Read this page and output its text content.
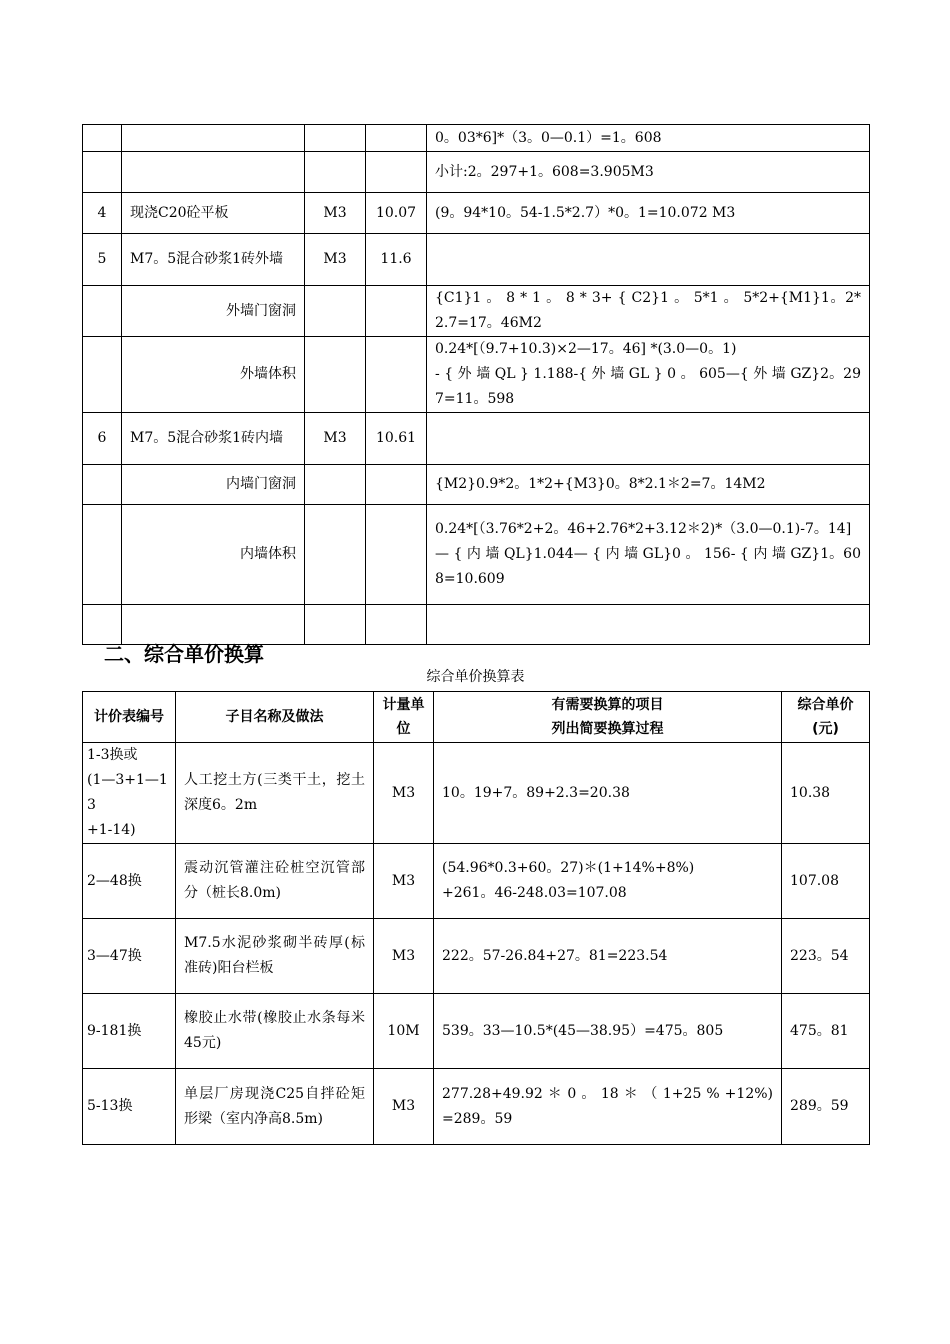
				0。03*6]*（3。0—0.1）=1。608

				小计:2。297+1。608=3.905M3

4	现浇C20砼平板	M3	10.07	(9。94*10。54-1.5*2.7）*0。1=10.072 M3

5	M7。5混合砂浆1砖外墙	M3	11.6	

	外墙门窗洞			{C1}1 。 8 * 1 。 8 * 3+ { C2}1 。 5*1 。 5*2+{M1}1。2*2.7=17。46M2

	外墙体积			0.24*[（9.7+10.3)×2—17。46] *(3.0—0。1)
- { 外 墙 QL } 1.188-{ 外 墙 GL } 0 。 605—{ 外 墙 GZ}2。297=11。598

6	M7。5混合砂浆1砖内墙	M3	10.61	

	内墙门窗洞			{M2}0.9*2。1*2+{M3}0。8*2.1＊2=7。14M2

	内墙体积			0.24*[（3.76*2+2。46+2.76*2+3.12＊2)*（3.0—0.1)-7。14]
— { 内 墙 QL}1.044— { 内 墙 GL}0 。 156- { 内 墙 GZ}1。608=10.609

二、综合单价换算
综合单价换算表
计价表编号	子目名称及做法	计量单位	有需要换算的项目
列出简要换算过程	综合单价(元)

1-3换或
(1—3+1—13
+1-14)	人工挖土方(三类干土，挖土深度6。2m	M3	10。19+7。89+2.3=20.38	10.38

2—48换	震动沉管灌注砼桩空沉管部分（桩长8.0m)	M3	(54.96*0.3+60。27)＊(1+14%+8%)
+261。46-248.03=107.08	107.08

3—47换	M7.5水泥砂浆砌半砖厚(标准砖)阳台栏板	M3	222。57-26.84+27。81=223.54	223。54

9-181换	橡胶止水带(橡胶止水条每米45元)	10M	539。33—10.5*(45—38.95）=475。805	475。81

5-13换	单层厂房现浇C25自拌砼矩形梁（室内净高8.5m)	M3	277.28+49.92 ＊ 0 。 18 ＊ （ 1+25 % +12%)=289。59	289。59
